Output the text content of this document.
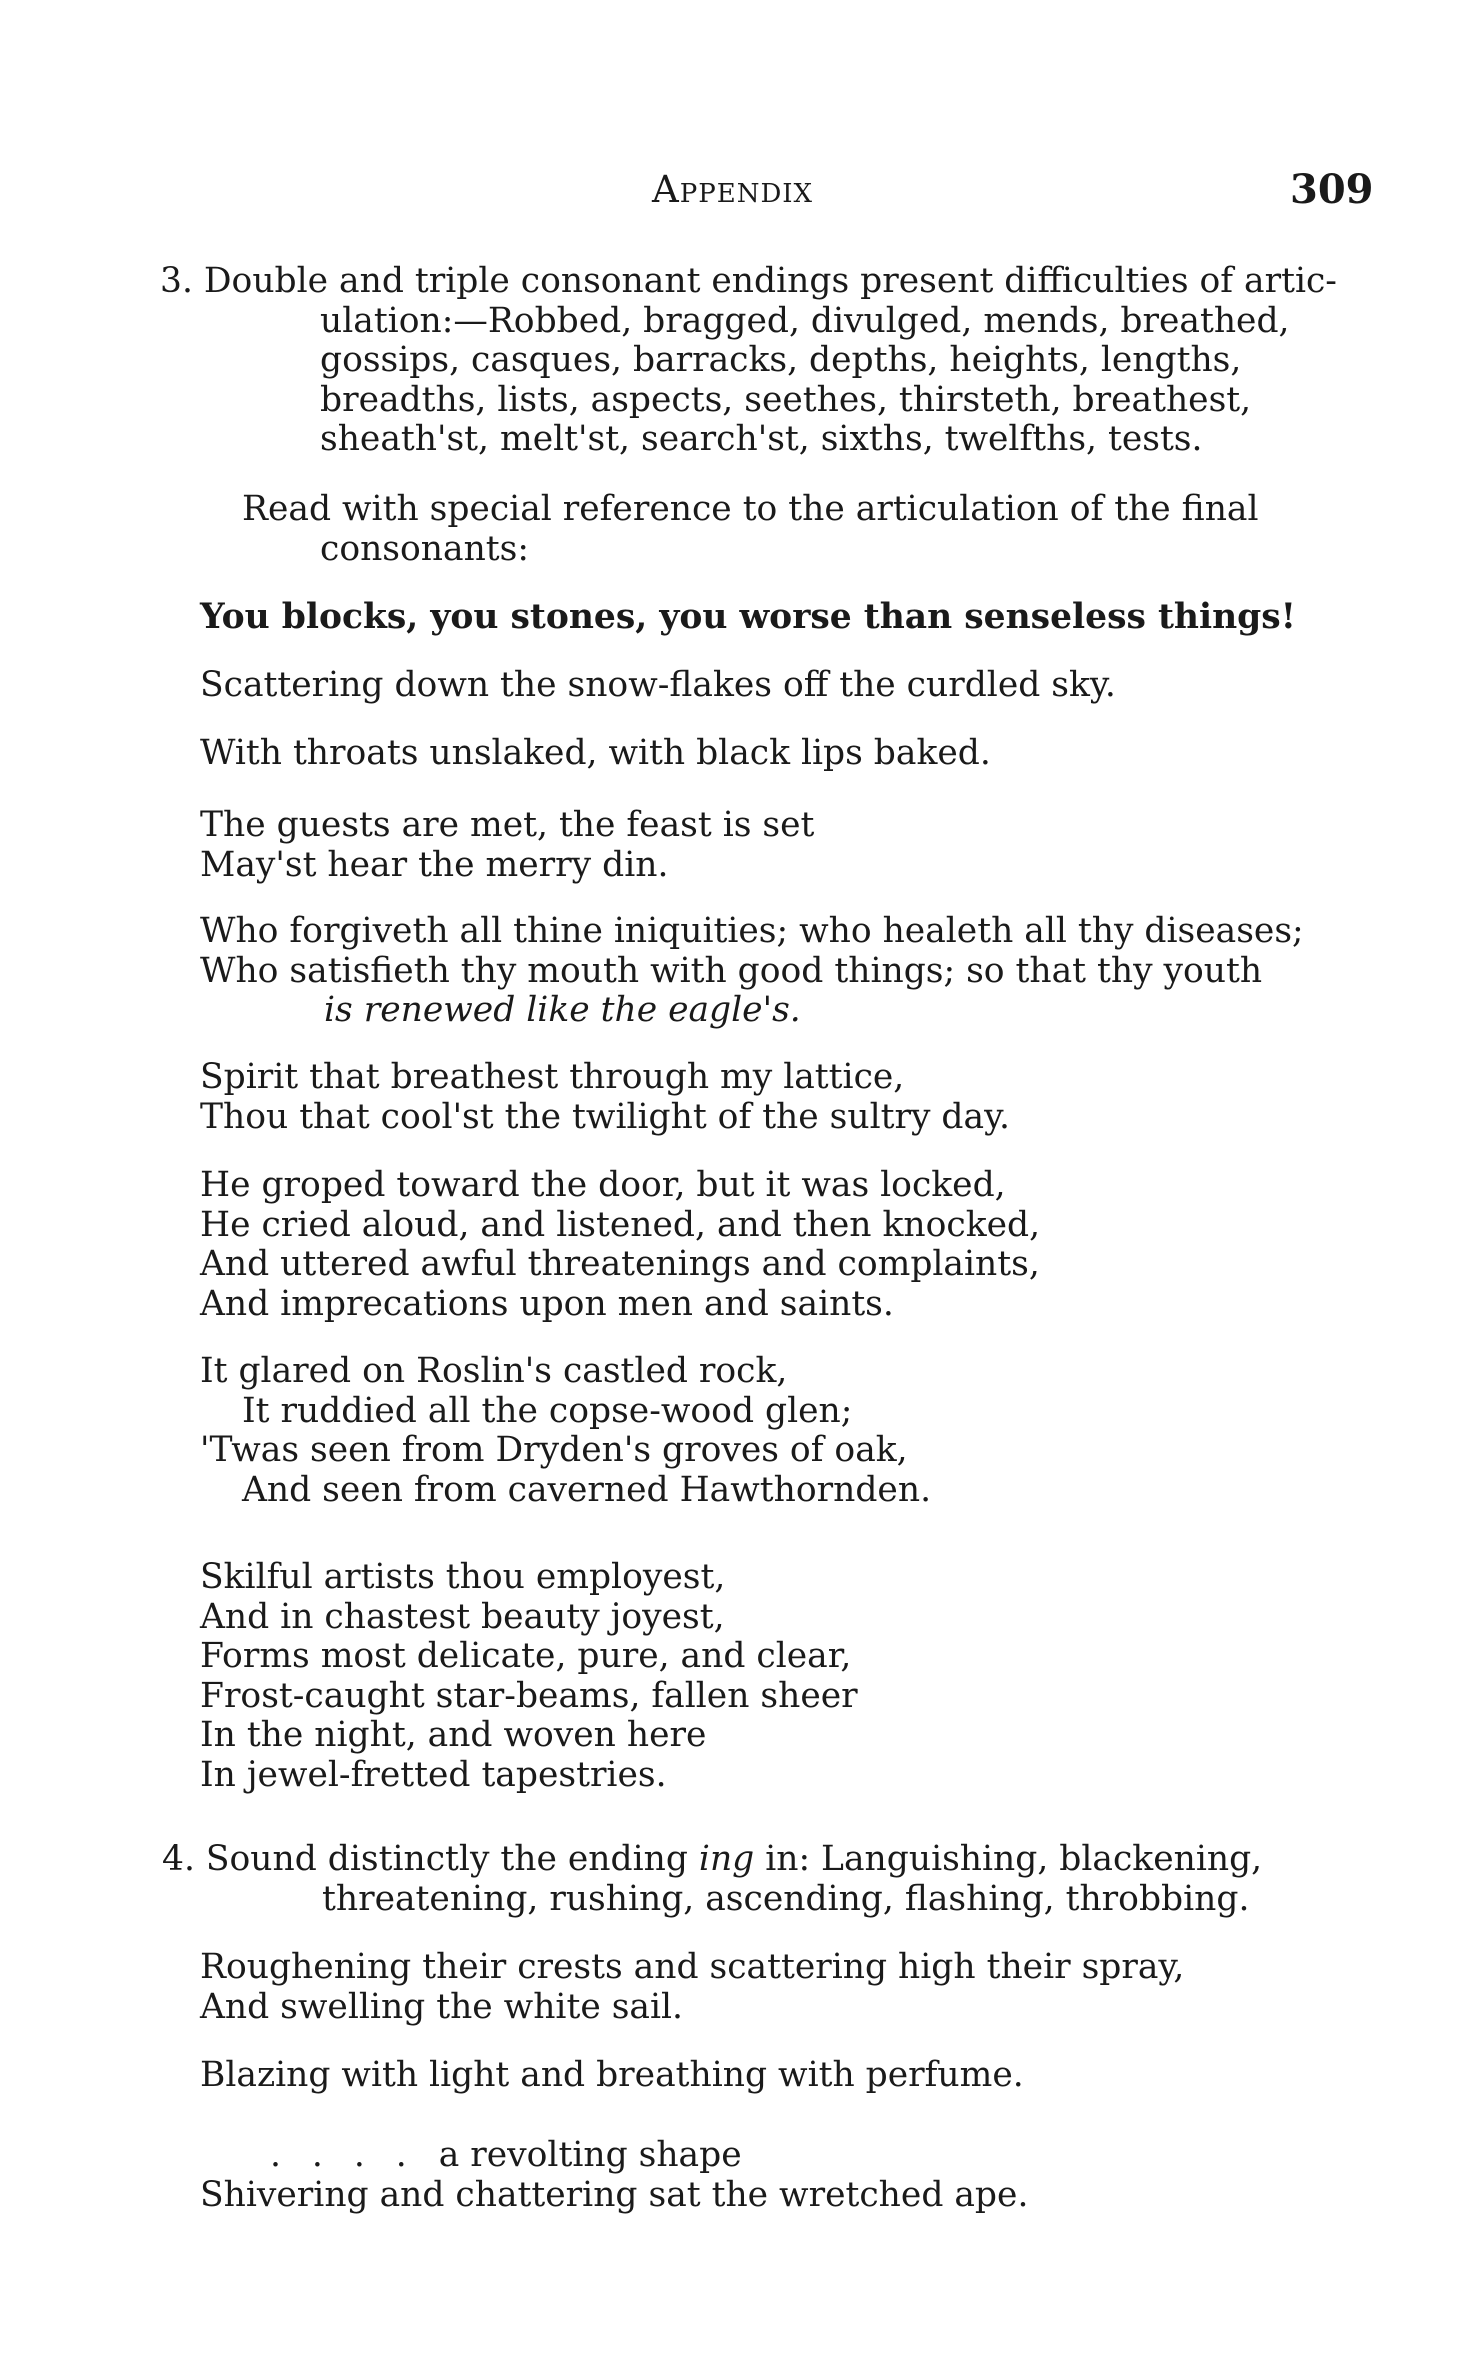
Appendix	309
3. Double and triple consonant endings present difficulties of artic-
ulation:—Robbed, bragged, divulged, mends, breathed,
gossips, casques, barracks, depths, heights, lengths,
breadths, lists, aspects, seethes, thirsteth, breathest,
sheath'st, melt'st, search'st, sixths, twelfths, tests.
Read with special reference to the articulation of the final
consonants:
You blocks, you stones, you worse than senseless things!
Scattering down the snow-flakes off the curdled sky.
With throats unslaked, with black lips baked.
The guests are met, the feast is set
May'st hear the merry din.
Who forgiveth all thine iniquities; who healeth all thy diseases;
Who satisfieth thy mouth with good things; so that thy youth
is renewed like the eagle's.
Spirit that breathest through my lattice,
Thou that cool'st the twilight of the sultry day.
He groped toward the door, but it was locked,
He cried aloud, and listened, and then knocked,
And uttered awful threatenings and complaints,
And imprecations upon men and saints.
It glared on Roslin's castled rock,
It ruddied all the copse-wood glen;
'Twas seen from Dryden's groves of oak,
And seen from caverned Hawthornden.
Skilful artists thou employest,
And in chastest beauty joyest,
Forms most delicate, pure, and clear,
Frost-caught star-beams, fallen sheer
In the night, and woven here
In jewel-fretted tapestries.
4. Sound distinctly the ending ing in: Languishing, blackening,
threatening, rushing, ascending, flashing, throbbing.
Roughening their crests and scattering high their spray,
And swelling the white sail.
Blazing with light and breathing with perfume.
. . . . a revolting shape
Shivering and chattering sat the wretched ape.
